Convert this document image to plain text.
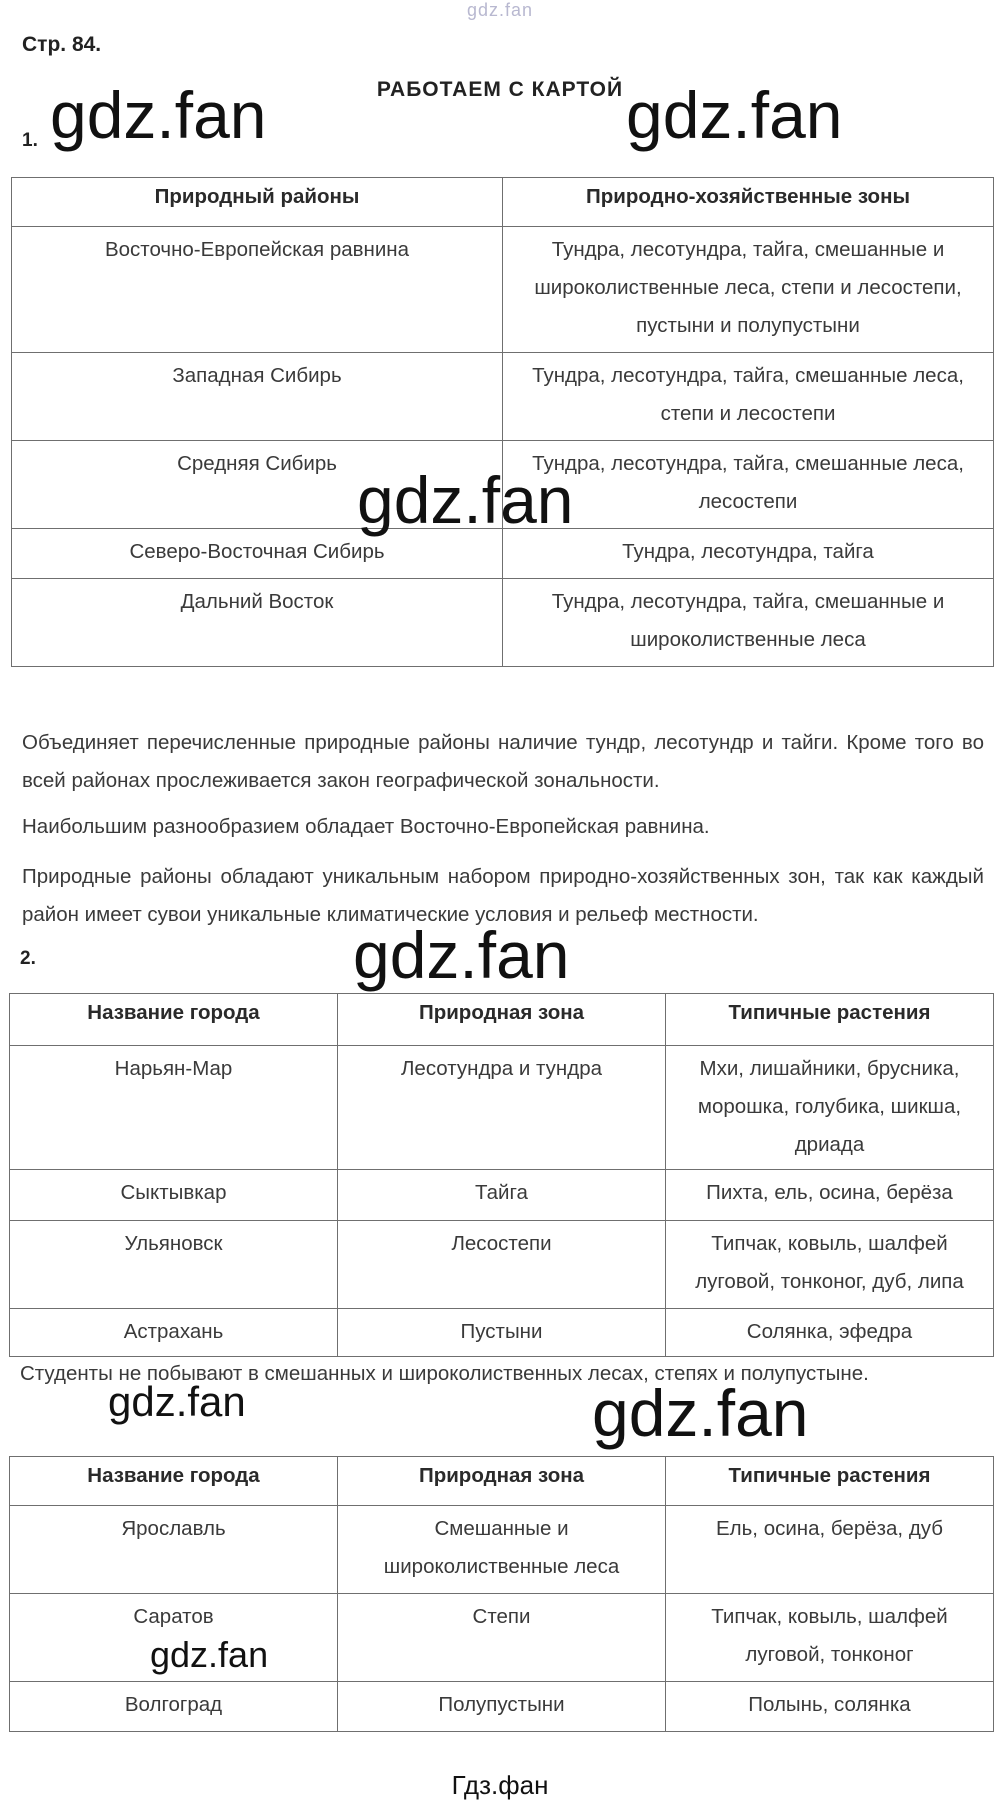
gdz.fan
Стр. 84.
РАБОТАЕМ С КАРТОЙ
1.
Природный районы	Природно-хозяйственные зоны
Восточно-Европейская равнина	Тундра, лесотундра, тайга, смешанные и широколиственные леса, степи и лесостепи, пустыни и полупустыни
Западная Сибирь	Тундра, лесотундра, тайга, смешанные леса, степи и лесостепи
Средняя Сибирь	Тундра, лесотундра, тайга, смешанные леса, лесостепи
Северо-Восточная Сибирь	Тундра, лесотундра, тайга
Дальний Восток	Тундра, лесотундра, тайга, смешанные и широколиственные леса

Объединяет перечисленные природные районы наличие тундр, лесотундр и тайги. Кроме того во всей районах прослеживается закон географической зональности.

Наибольшим разнообразием обладает Восточно-Европейская равнина.

Природные районы обладают уникальным набором природно-хозяйственных зон, так как каждый район имеет сувои уникальные климатические условия и рельеф местности.

2.
Название города	Природная зона	Типичные растения
Нарьян-Мар	Лесотундра и тундра	Мхи, лишайники, брусника, морошка, голубика, шикша, дриада
Сыктывкар	Тайга	Пихта, ель, осина, берёза
Ульяновск	Лесостепи	Типчак, ковыль, шалфей луговой, тонконог, дуб, липа
Астрахань	Пустыни	Солянка, эфедра

Студенты не побывают в смешанных и широколиственных лесах, степях и полупустыне.

Название города	Природная зона	Типичные растения
Ярославль	Смешанные и широколиственные леса	Ель, осина, берёза, дуб
Саратов	Степи	Типчак, ковыль, шалфей луговой, тонконог
Волгоград	Полупустыни	Полынь, солянка
gdz.fan	gdz.fan
gdz.fan
gdz.fan
gdz.fan	gdz.fan
gdz.fan
Гдз.фан
